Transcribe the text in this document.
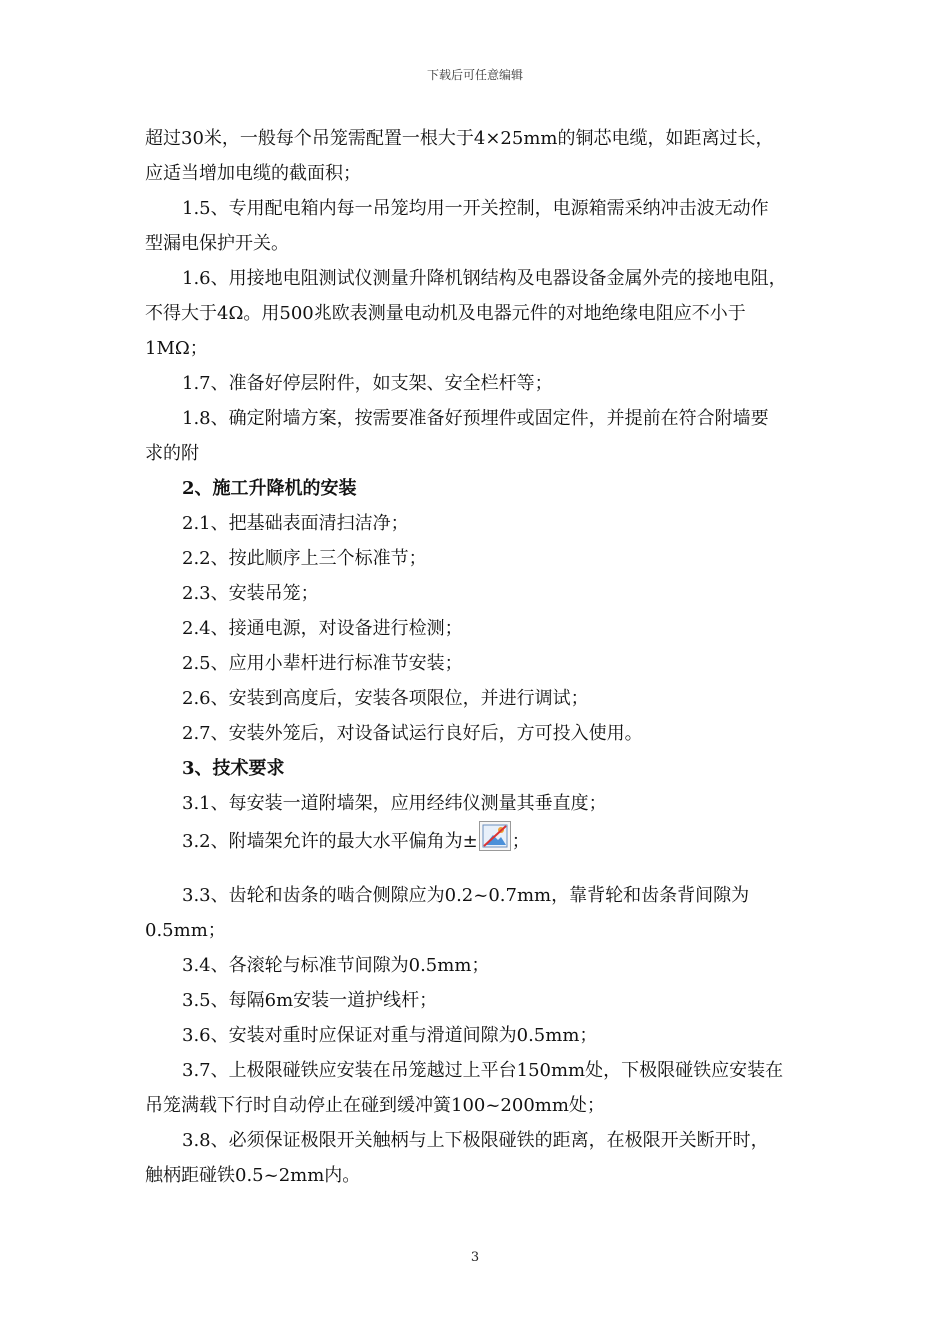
下载后可任意编辑
超过30米，一般每个吊笼需配置一根大于4×25mm的铜芯电缆，如距离过长，
应适当增加电缆的截面积；
1.5、专用配电箱内每一吊笼均用一开关控制，电源箱需采纳冲击波无动作
型漏电保护开关。
1.6、用接地电阻测试仪测量升降机钢结构及电器设备金属外壳的接地电阻，
不得大于4Ω。用500兆欧表测量电动机及电器元件的对地绝缘电阻应不小于
1MΩ；
1.7、准备好停层附件，如支架、安全栏杆等；
1.8、确定附墙方案，按需要准备好预埋件或固定件，并提前在符合附墙要
求的附
2、施工升降机的安装
2.1、把基础表面清扫洁净；
2.2、按此顺序上三个标准节；
2.3、安装吊笼；
2.4、接通电源，对设备进行检测；
2.5、应用小辈杆进行标准节安装；
2.6、安装到高度后，安装各项限位，并进行调试；
2.7、安装外笼后，对设备试运行良好后，方可投入使用。
3、技术要求
3.1、每安装一道附墙架，应用经纬仪测量其垂直度；
3.2、附墙架允许的最大水平偏角为± ；
3.3、齿轮和齿条的啮合侧隙应为0.2~0.7mm，靠背轮和齿条背间隙为
0.5mm；
3.4、各滚轮与标准节间隙为0.5mm；
3.5、每隔6m安装一道护线杆；
3.6、安装对重时应保证对重与滑道间隙为0.5mm；
3.7、上极限碰铁应安装在吊笼越过上平台150mm处，下极限碰铁应安装在
吊笼满载下行时自动停止在碰到缓冲簧100~200mm处；
3.8、必须保证极限开关触柄与上下极限碰铁的距离，在极限开关断开时，
触柄距碰铁0.5~2mm内。
3
